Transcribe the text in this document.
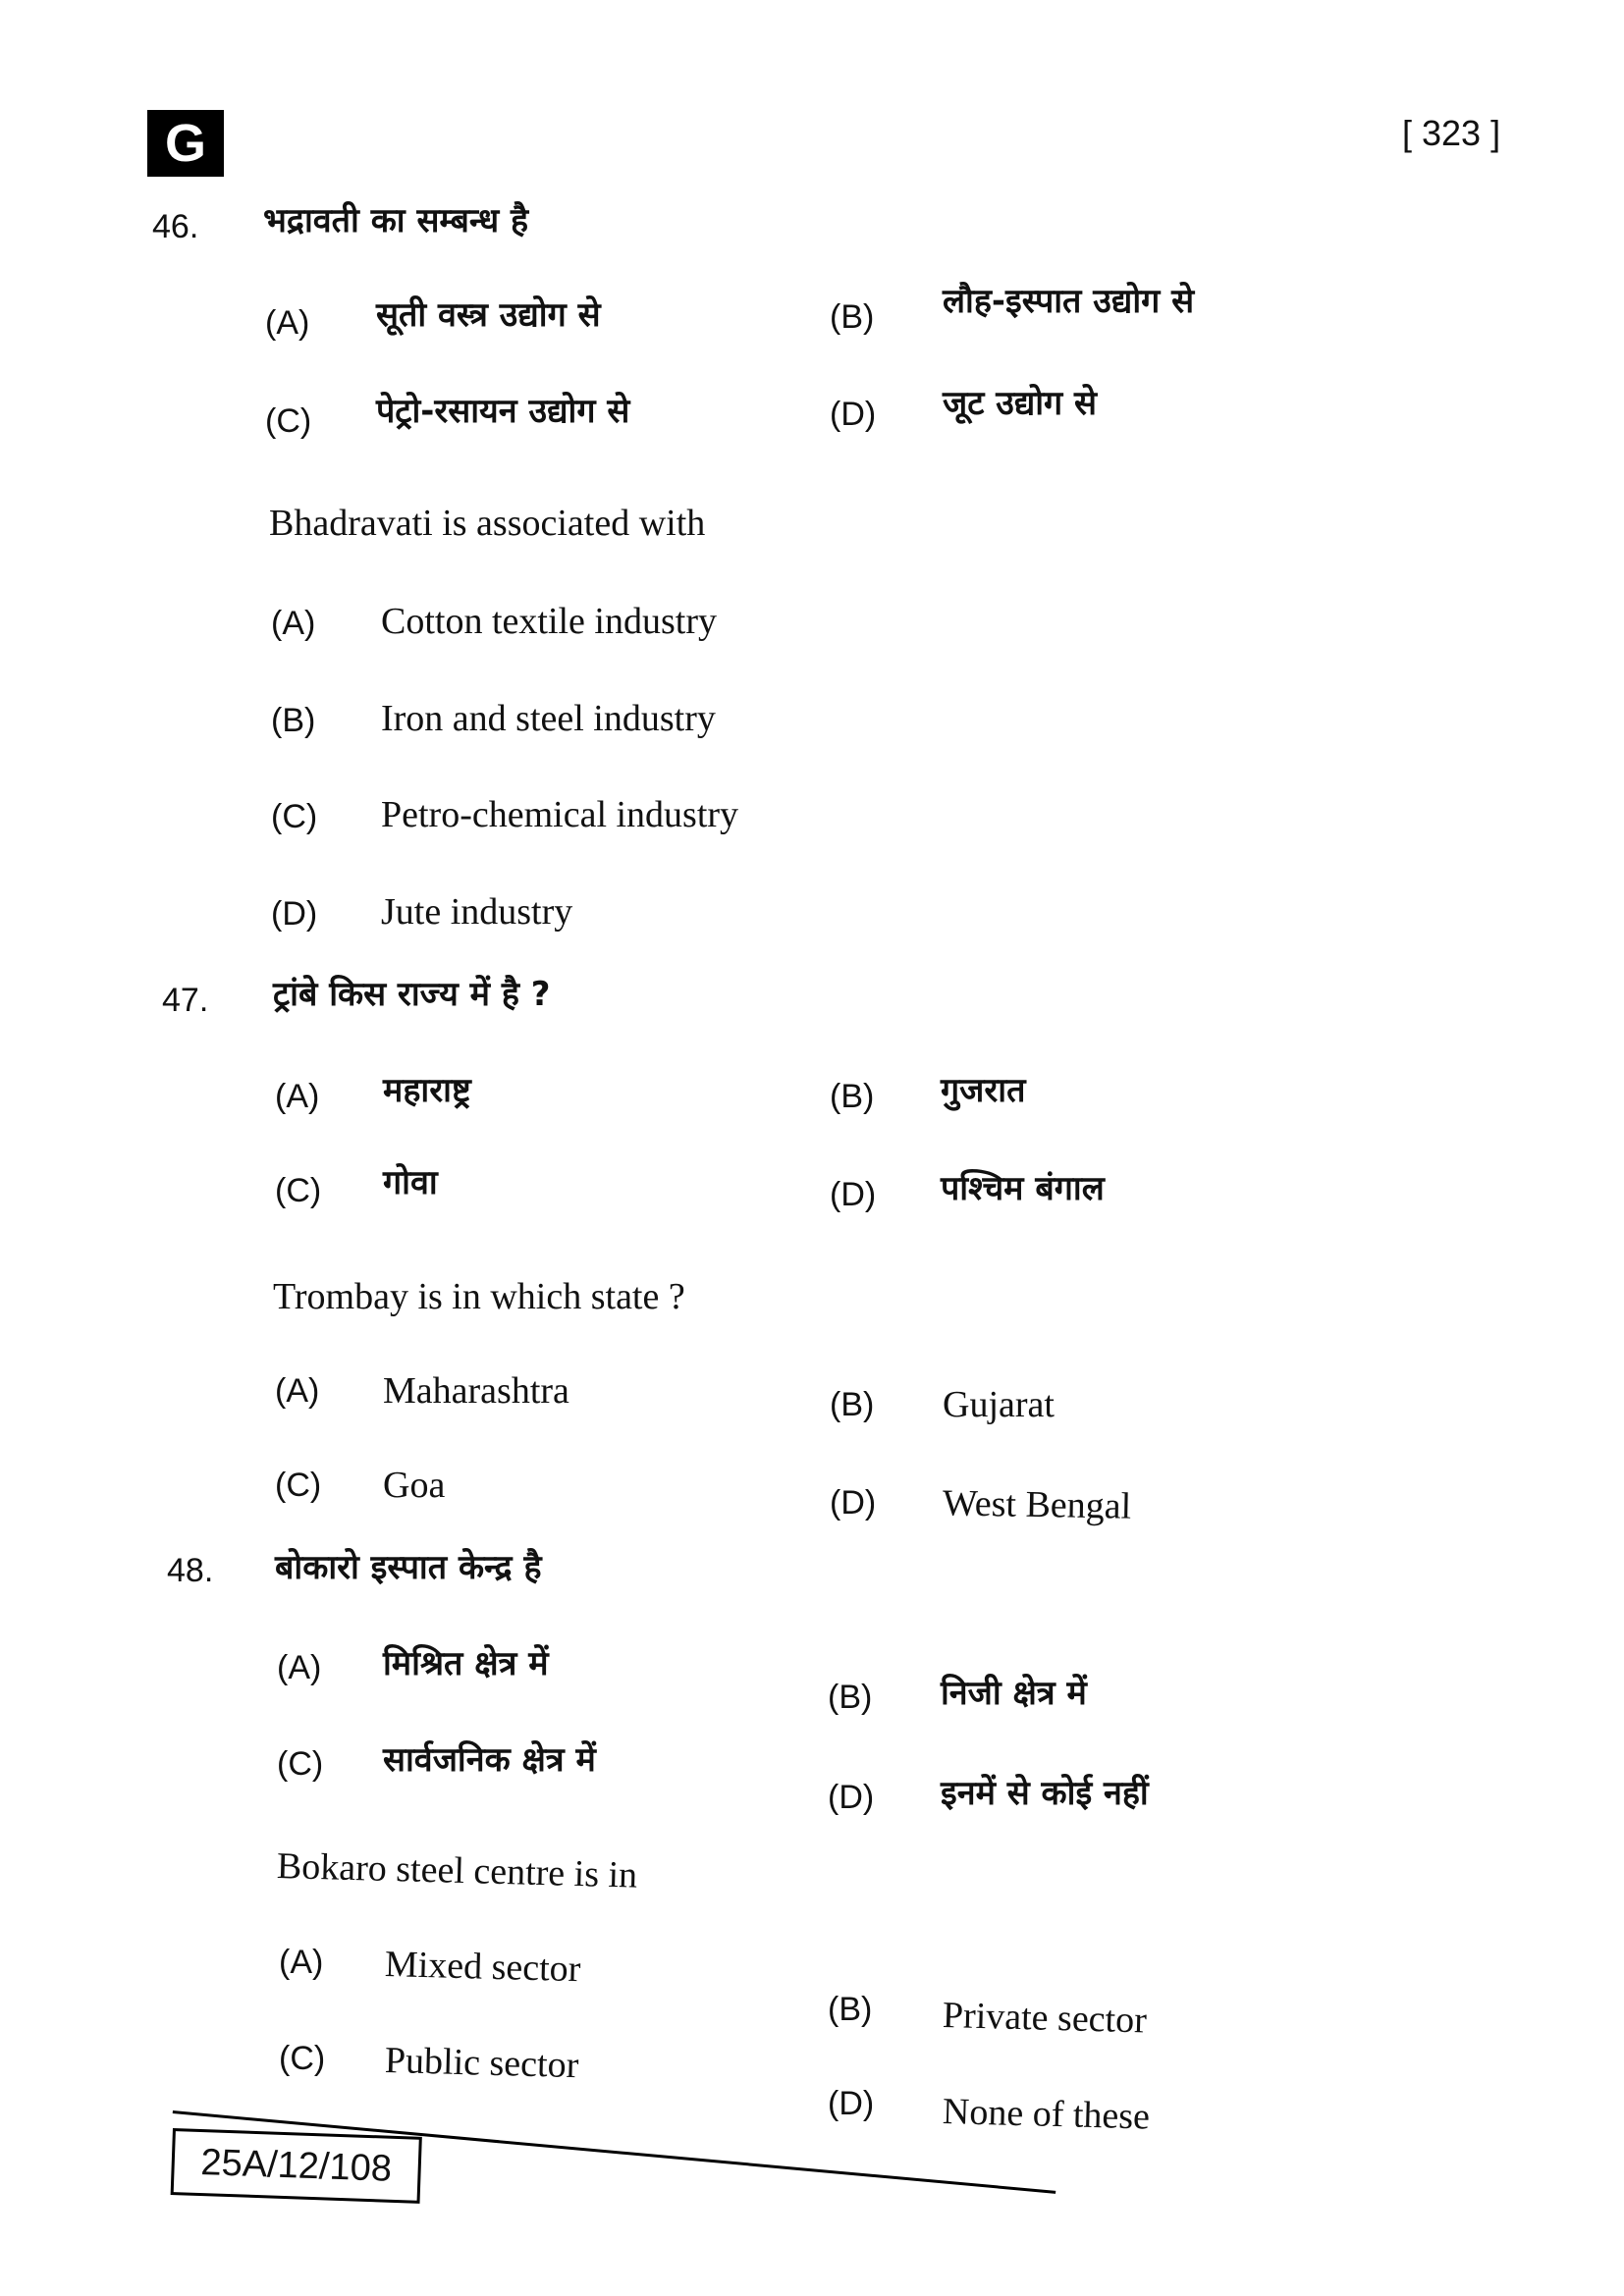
G	[ 323 ]
46. भद्रावती का सम्बन्ध है
(A) सूती वस्त्र उद्योग से	(B) लौह-इस्पात उद्योग से
(C) पेट्रो-रसायन उद्योग से	(D) जूट उद्योग से
Bhadravati is associated with
(A) Cotton textile industry
(B) Iron and steel industry
(C) Petro-chemical industry
(D) Jute industry
47. ट्रांबे किस राज्य में है ?
(A) महाराष्ट्र	(B) गुजरात
(C) गोवा	(D) पश्चिम बंगाल
Trombay is in which state ?
(A) Maharashtra	(B) Gujarat
(C) Goa	(D) West Bengal
48. बोकारो इस्पात केन्द्र है
(A) मिश्रित क्षेत्र में
(B) निजी क्षेत्र में
(C) सार्वजनिक क्षेत्र में
(D) इनमें से कोई नहीं
Bokaro steel centre is in
(A) Mixed sector
(B) Private sector
(C) Public sector
(D) None of these
25A/12/108
